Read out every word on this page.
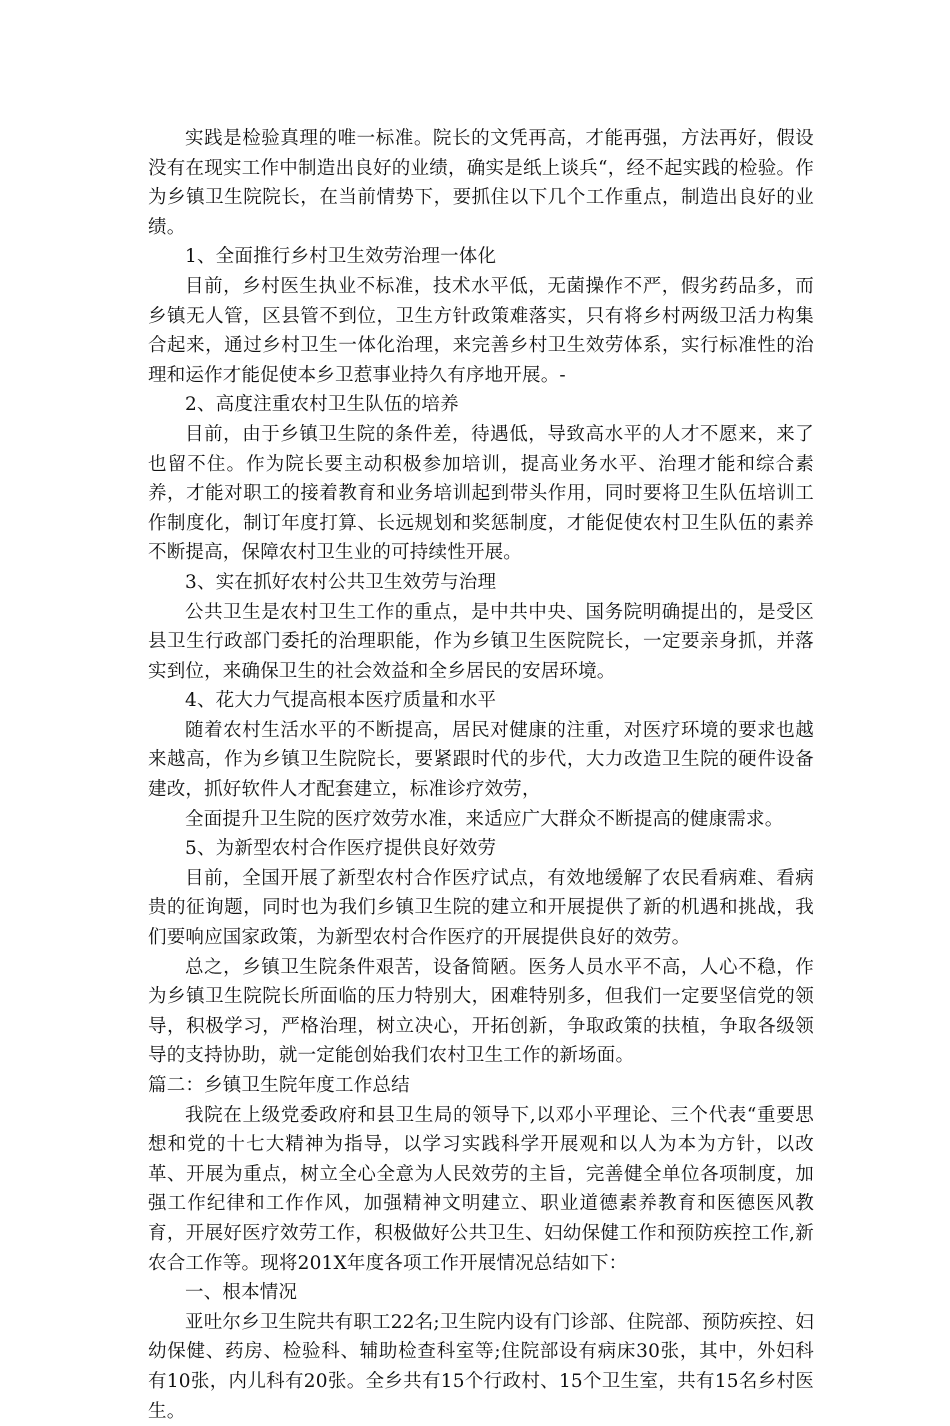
实践是检验真理的唯一标准。院长的文凭再高，才能再强，方法再好，假设没有在现实工作中制造出良好的业绩，确实是纸上谈兵“，经不起实践的检验。作为乡镇卫生院院长，在当前情势下，要抓住以下几个工作重点，制造出良好的业绩。

1、全面推行乡村卫生效劳治理一体化

目前，乡村医生执业不标准，技术水平低，无菌操作不严，假劣药品多，而乡镇无人管，区县管不到位，卫生方针政策难落实，只有将乡村两级卫活力构集合起来，通过乡村卫生一体化治理，来完善乡村卫生效劳体系，实行标准性的治理和运作才能促使本乡卫惹事业持久有序地开展。-

2、高度注重农村卫生队伍的培养

目前，由于乡镇卫生院的条件差，待遇低，导致高水平的人才不愿来，来了也留不住。作为院长要主动积极参加培训，提高业务水平、治理才能和综合素养，才能对职工的接着教育和业务培训起到带头作用，同时要将卫生队伍培训工作制度化，制订年度打算、长远规划和奖惩制度，才能促使农村卫生队伍的素养不断提高，保障农村卫生业的可持续性开展。

3、实在抓好农村公共卫生效劳与治理

公共卫生是农村卫生工作的重点，是中共中央、国务院明确提出的，是受区县卫生行政部门委托的治理职能，作为乡镇卫生医院院长，一定要亲身抓，并落实到位，来确保卫生的社会效益和全乡居民的安居环境。

4、花大力气提高根本医疗质量和水平

随着农村生活水平的不断提高，居民对健康的注重，对医疗环境的要求也越来越高，作为乡镇卫生院院长，要紧跟时代的步代，大力改造卫生院的硬件设备建改，抓好软件人才配套建立，标准诊疗效劳，

全面提升卫生院的医疗效劳水准，来适应广大群众不断提高的健康需求。

5、为新型农村合作医疗提供良好效劳

目前，全国开展了新型农村合作医疗试点，有效地缓解了农民看病难、看病贵的征询题，同时也为我们乡镇卫生院的建立和开展提供了新的机遇和挑战，我们要响应国家政策，为新型农村合作医疗的开展提供良好的效劳。

总之，乡镇卫生院条件艰苦，设备简陋。医务人员水平不高，人心不稳，作为乡镇卫生院院长所面临的压力特别大，困难特别多，但我们一定要坚信党的领导，积极学习，严格治理，树立决心，开拓创新，争取政策的扶植，争取各级领导的支持协助，就一定能创始我们农村卫生工作的新场面。

篇二：乡镇卫生院年度工作总结

我院在上级党委政府和县卫生局的领导下,以邓小平理论、三个代表“重要思想和党的十七大精神为指导，以学习实践科学开展观和以人为本为方针，以改革、开展为重点，树立全心全意为人民效劳的主旨，完善健全单位各项制度，加强工作纪律和工作作风，加强精神文明建立、职业道德素养教育和医德医风教育，开展好医疗效劳工作，积极做好公共卫生、妇幼保健工作和预防疾控工作,新农合工作等。现将201X年度各项工作开展情况总结如下：

一、根本情况

亚吐尔乡卫生院共有职工22名;卫生院内设有门诊部、住院部、预防疾控、妇幼保健、药房、检验科、辅助检查科室等;住院部设有病床30张，其中，外妇科有10张，内儿科有20张。全乡共有15个行政村、15个卫生室，共有15名乡村医生。
